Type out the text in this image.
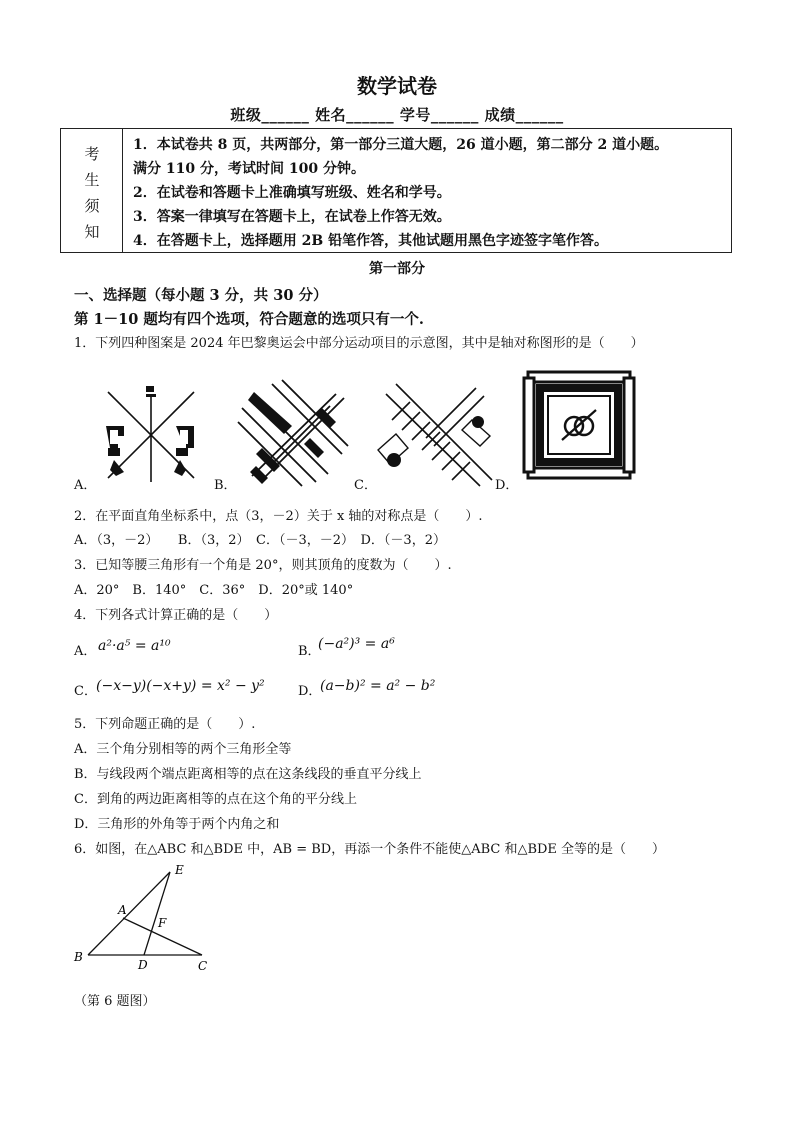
数学试卷
班级______ 姓名______ 学号______ 成绩______
考
生
须
知
1．本试卷共 8 页，共两部分，第一部分三道大题，26 道小题，第二部分 2 道小题。
满分 110 分，考试时间 100 分钟。
2．在试卷和答题卡上准确填写班级、姓名和学号。
3．答案一律填写在答题卡上，在试卷上作答无效。
4．在答题卡上，选择题用 2B 铅笔作答，其他试题用黑色字迹签字笔作答。
第一部分
一、选择题（每小题 3 分，共 30 分）
第 1－10 题均有四个选项，符合题意的选项只有一个.
1．下列四种图案是 2024 年巴黎奥运会中部分运动项目的示意图，其中是轴对称图形的是（　　）
A．	B．	C．	D．
2．在平面直角坐标系中，点（3，－2）关于 x 轴的对称点是（　　）.
A．（3，－2）　　B．（3，2）　C．（－3，－2）　D．（－3，2）
3．已知等腰三角形有一个角是 20°，则其顶角的度数为（　　）.
A．20°　B．140°　C．36°　D．20°或 140°
4．下列各式计算正确的是（　　）
A． a²·a⁵ = a¹⁰	B．
(−a²)³ = a⁶
C． (−x−y)(−x+y) = x² − y²	D．
(a−b)² = a² − b²
5．下列命题正确的是（　　）.
A．三个角分别相等的两个三角形全等
B．与线段两个端点距离相等的点在这条线段的垂直平分线上
C．到角的两边距离相等的点在这个角的平分线上
D．三角形的外角等于两个内角之和
6．如图，在△ABC 和△BDE 中，AB = BD，再添一个条件不能使△ABC 和△BDE 全等的是（　　）
B
A
E
F
D	C
（第 6 题图）
